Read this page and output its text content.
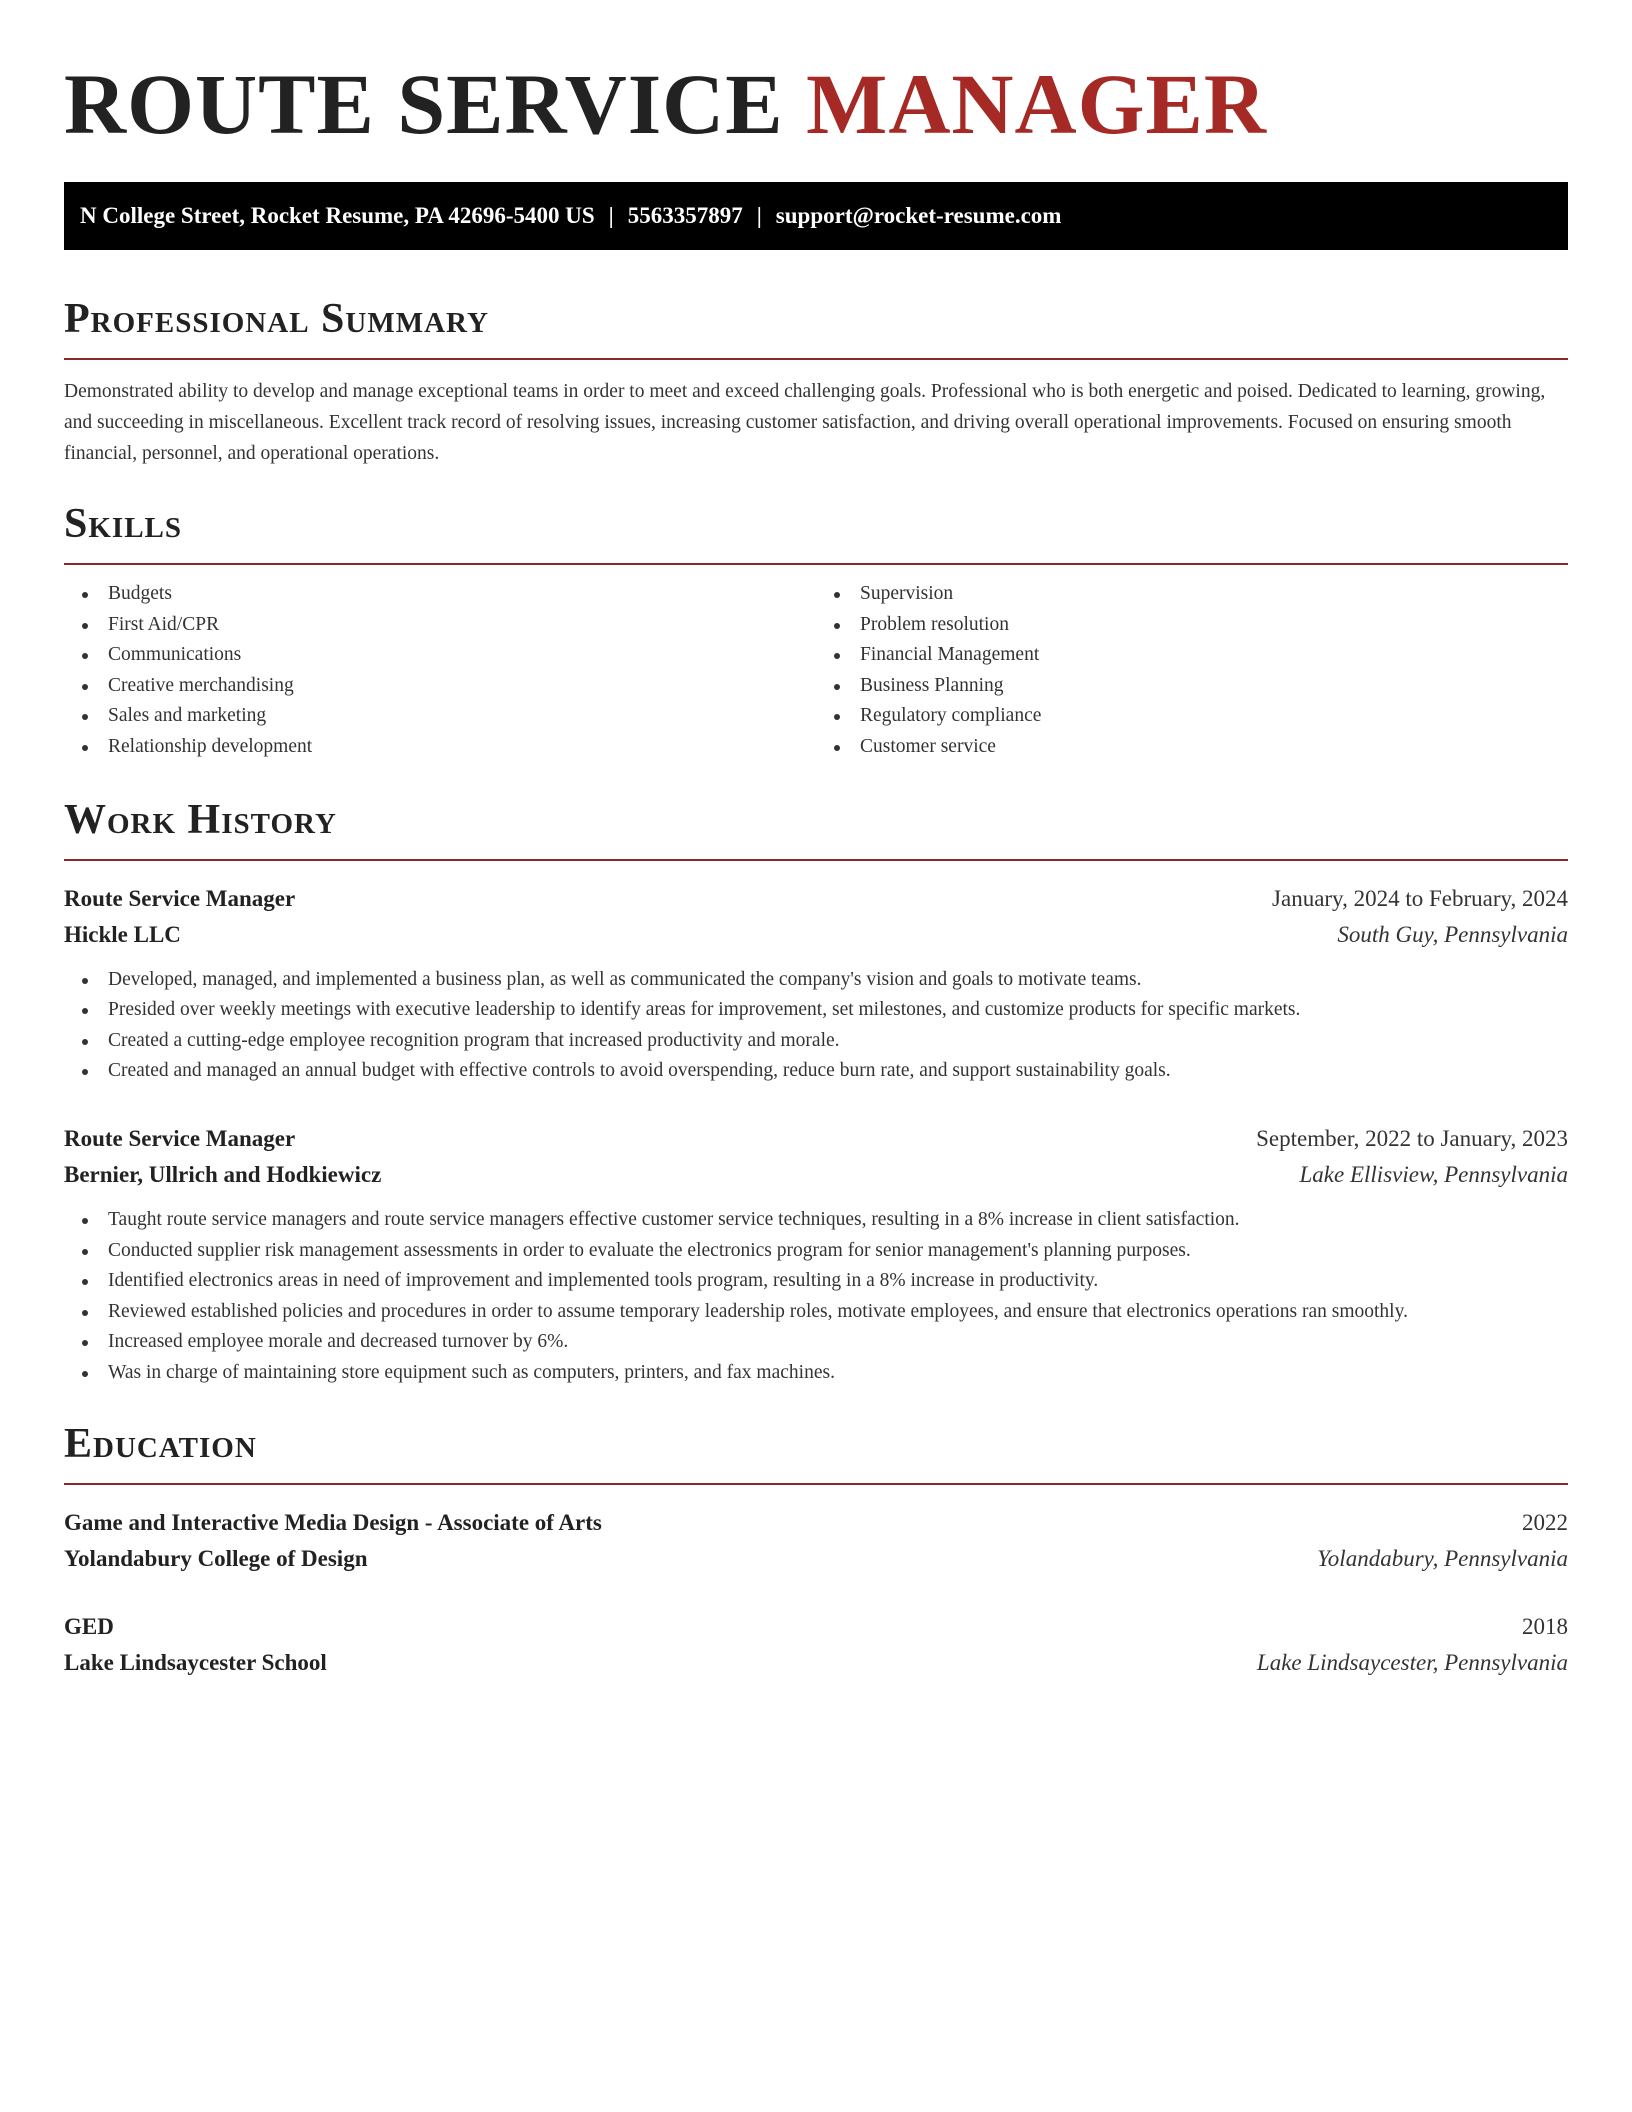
ROUTE SERVICE MANAGER
N College Street, Rocket Resume, PA 42696-5400 US | 5563357897 | support@rocket-resume.com
Professional Summary

Demonstrated ability to develop and manage exceptional teams in order to meet and exceed challenging goals. Professional who is both energetic and poised. Dedicated to learning, growing, and succeeding in miscellaneous. Excellent track record of resolving issues, increasing customer satisfaction, and driving overall operational improvements. Focused on ensuring smooth financial, personnel, and operational operations.

Skills
Budgets
First Aid/CPR
Communications
Creative merchandising
Sales and marketing
Relationship development
Supervision
Problem resolution
Financial Management
Business Planning
Regulatory compliance
Customer service
Work History
Route Service Manager	January, 2024 to February, 2024
Hickle LLC	South Guy, Pennsylvania
Developed, managed, and implemented a business plan, as well as communicated the company's vision and goals to motivate teams.
Presided over weekly meetings with executive leadership to identify areas for improvement, set milestones, and customize products for specific markets.
Created a cutting-edge employee recognition program that increased productivity and morale.
Created and managed an annual budget with effective controls to avoid overspending, reduce burn rate, and support sustainability goals.
Route Service Manager	September, 2022 to January, 2023
Bernier, Ullrich and Hodkiewicz	Lake Ellisview, Pennsylvania
Taught route service managers and route service managers effective customer service techniques, resulting in a 8% increase in client satisfaction.
Conducted supplier risk management assessments in order to evaluate the electronics program for senior management's planning purposes.
Identified electronics areas in need of improvement and implemented tools program, resulting in a 8% increase in productivity.
Reviewed established policies and procedures in order to assume temporary leadership roles, motivate employees, and ensure that electronics operations ran smoothly.
Increased employee morale and decreased turnover by 6%.
Was in charge of maintaining store equipment such as computers, printers, and fax machines.
Education
Game and Interactive Media Design - Associate of Arts	2022
Yolandabury College of Design	Yolandabury, Pennsylvania
GED	2018
Lake Lindsaycester School	Lake Lindsaycester, Pennsylvania
